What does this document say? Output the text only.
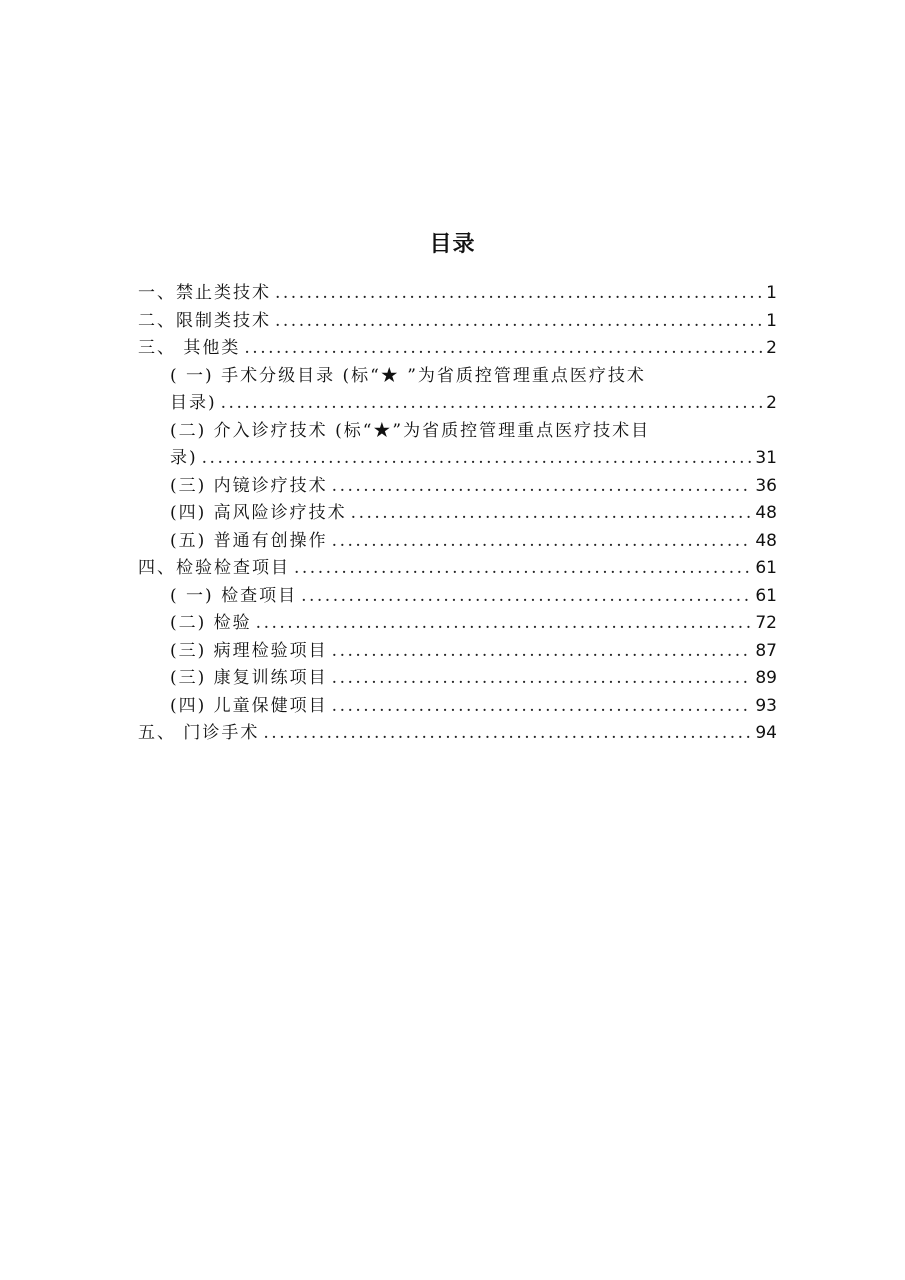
目录
一、禁止类技术 .....	1
二、限制类技术 .....	1
三、 其他类 .....	2
( 一) 手术分级目录 (标“★ ”为省质控管理重点医疗技术
目录) .....	2
(二) 介入诊疗技术 (标“★”为省质控管理重点医疗技术目
录) .....	31
(三) 内镜诊疗技术 .....	36
(四) 高风险诊疗技术 .....	48
(五) 普通有创操作 .....	48
四、检验检查项目 .....	61
( 一) 检查项目 .....	61
(二) 检验 .....	72
(三) 病理检验项目 .....	87
(三) 康复训练项目 .....	89
(四) 儿童保健项目 .....	93
五、 门诊手术 .....	94
